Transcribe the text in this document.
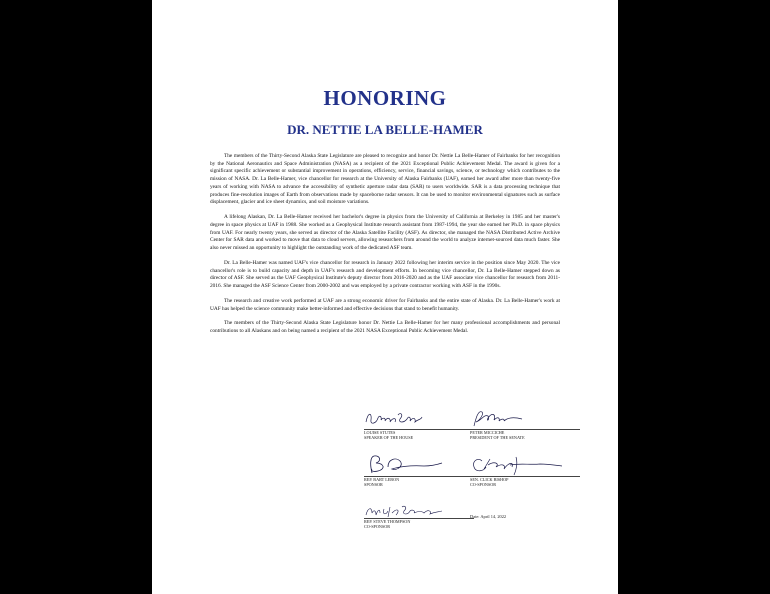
HONORING
DR. NETTIE LA BELLE-HAMER

The members of the Thirty-Second Alaska State Legislature are pleased to recognize and honor Dr. Nettie La Belle-Hamer of Fairbanks for her recognition by the National Aeronautics and Space Administration (NASA) as a recipient of the 2021 Exceptional Public Achievement Medal. The award is given for a significant specific achievement or substantial improvement in operations, efficiency, service, financial savings, science, or technology which contributes to the mission of NASA. Dr. La Belle-Hamer, vice chancellor for research at the University of Alaska Fairbanks (UAF), earned her award after more than twenty-five years of working with NASA to advance the accessibility of synthetic aperture radar data (SAR) to users worldwide. SAR is a data processing technique that produces fine-resolution images of Earth from observations made by spaceborne radar sensors. It can be used to monitor environmental signatures such as surface displacement, glacier and ice sheet dynamics, and soil moisture variations.

A lifelong Alaskan, Dr. La Belle-Hamer received her bachelor's degree in physics from the University of California at Berkeley in 1985 and her master's degree in space physics at UAF in 1988. She worked as a Geophysical Institute research assistant from 1987-1994, the year she earned her Ph.D. in space physics from UAF. For nearly twenty years, she served as director of the Alaska Satellite Facility (ASF). As director, she managed the NASA Distributed Active Archive Center for SAR data and worked to move that data to cloud servers, allowing researchers from around the world to analyze internet-sourced data much faster. She also never missed an opportunity to highlight the outstanding work of the dedicated ASF team.

Dr. La Belle-Hamer was named UAF's vice chancellor for research in January 2022 following her interim service in the position since May 2020. The vice chancellor's role is to build capacity and depth in UAF's research and development efforts. In becoming vice chancellor, Dr. La Belle-Hamer stepped down as director of ASF. She served as the UAF Geophysical Institute's deputy director from 2016-2020 and as the UAF associate vice chancellor for research from 2011-2016. She managed the ASF Science Center from 2000-2002 and was employed by a private contractor working with ASF in the 1990s.

The research and creative work performed at UAF are a strong economic driver for Fairbanks and the entire state of Alaska. Dr. La Belle-Hamer's work at UAF has helped the science community make better-informed and effective decisions that stand to benefit humanity.

The members of the Thirty-Second Alaska State Legislature honor Dr. Nettie La Belle-Hamer for her many professional accomplishments and personal contributions to all Alaskans and on being named a recipient of the 2021 NASA Exceptional Public Achievement Medal.

LOUISE STUTES
SPEAKER OF THE HOUSE
PETER MICCICHE
PRESIDENT OF THE SENATE
REP. BART LEBON
SPONSOR
SEN. CLICK BISHOP
CO-SPONSOR
REP. STEVE THOMPSON
CO-SPONSOR
Date: April 14, 2022
